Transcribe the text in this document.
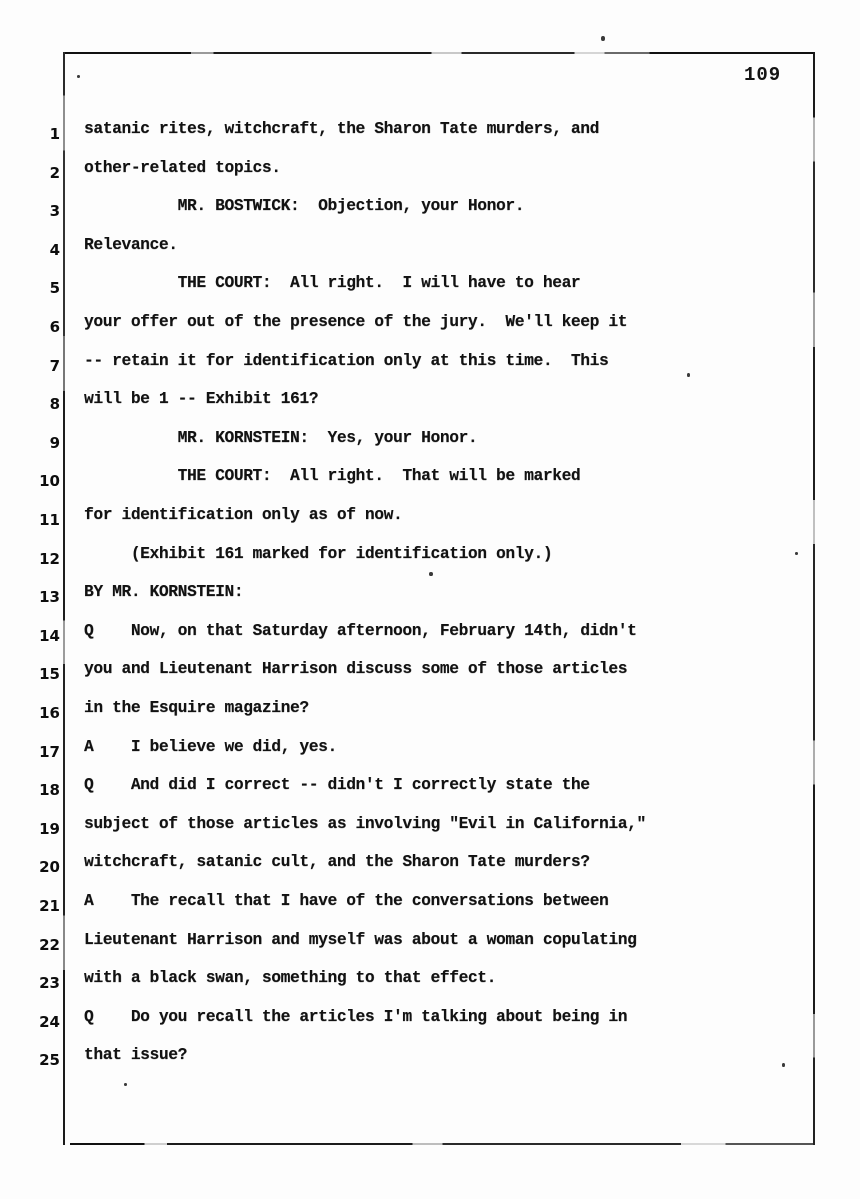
109
1
2
3
4
5
6
7
8
9
10
11
12
13
14
15
16
17
18
19
20
21
22
23
24
25
satanic rites, witchcraft, the Sharon Tate murders, and
other-related topics.
MR. BOSTWICK:  Objection, your Honor.
Relevance.
THE COURT:  All right.  I will have to hear
your offer out of the presence of the jury.  We'll keep it
-- retain it for identification only at this time.  This
will be 1 -- Exhibit 161?
MR. KORNSTEIN:  Yes, your Honor.
THE COURT:  All right.  That will be marked
for identification only as of now.
(Exhibit 161 marked for identification only.)
BY MR. KORNSTEIN:
Q    Now, on that Saturday afternoon, February 14th, didn't
you and Lieutenant Harrison discuss some of those articles
in the Esquire magazine?
A    I believe we did, yes.
Q    And did I correct -- didn't I correctly state the
subject of those articles as involving "Evil in California,"
witchcraft, satanic cult, and the Sharon Tate murders?
A    The recall that I have of the conversations between
Lieutenant Harrison and myself was about a woman copulating
with a black swan, something to that effect.
Q    Do you recall the articles I'm talking about being in
that issue?
